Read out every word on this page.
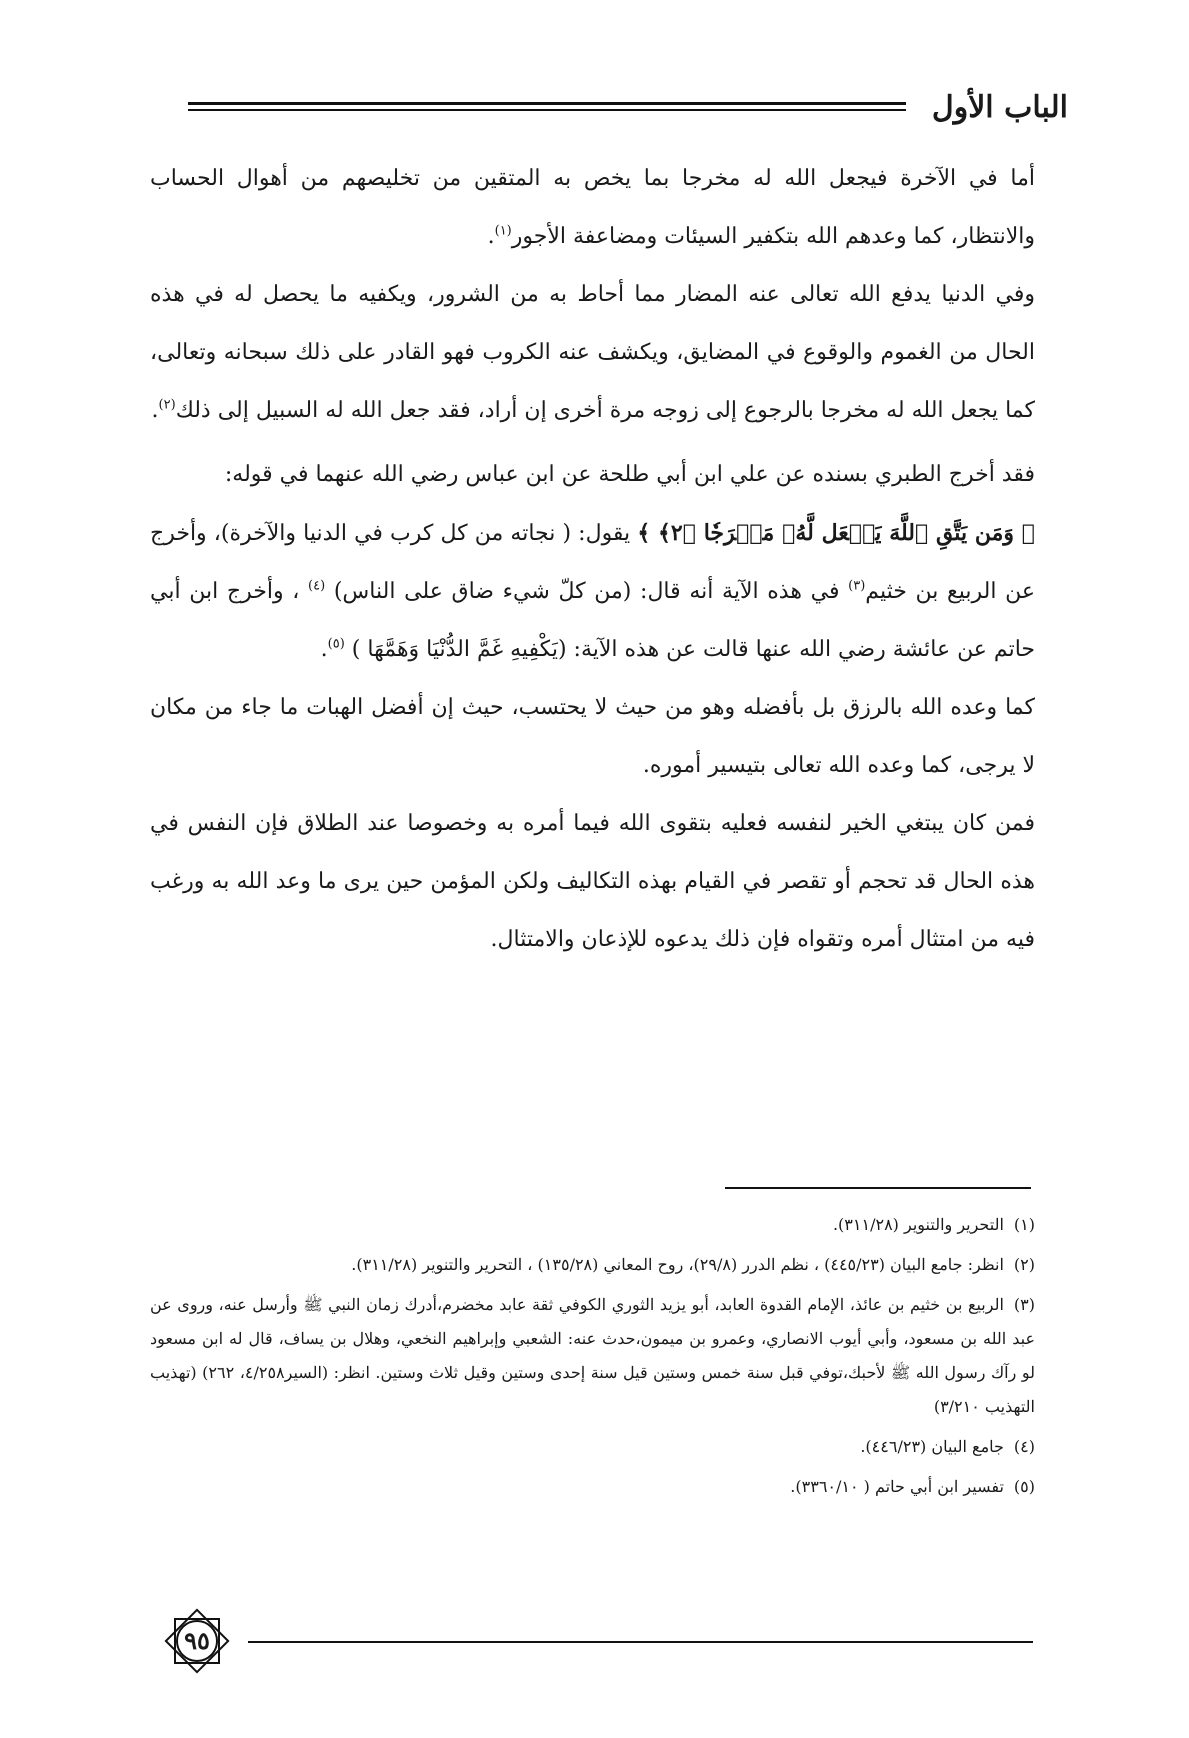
الباب الأول

أما في الآخرة فيجعل الله له مخرجا بما يخص به المتقين من تخليصهم من أهوال الحساب والانتظار، كما وعدهم الله بتكفير السيئات ومضاعفة الأجور$^{(١)}$.

وفي الدنيا يدفع الله تعالى عنه المضار مما أحاط به من الشرور، ويكفيه ما يحصل له في هذه الحال من الغموم والوقوع في المضايق، ويكشف عنه الكروب فهو القادر على ذلك سبحانه وتعالى، كما يجعل الله له مخرجا بالرجوع إلى زوجه مرة أخرى إن أراد، فقد جعل الله له السبيل إلى ذلك$^{(٢)}$.

فقد أخرج الطبري بسنده عن علي ابن أبي طلحة عن ابن عباس رضي الله عنهما في قوله:

﴿ وَمَن يَتَّقِ ٱللَّهَ يَجۡعَل لَّهُۥ مَخۡرَجٗا ﴿٢﴾ ﴾ يقول: ( نجاته من كل كرب في الدنيا والآخرة)، وأخرج عن الربيع بن خثيم$^{(٣)}$ في هذه الآية أنه قال: (من كلّ شيء ضاق على الناس) $^{(٤)}$ ، وأخرج ابن أبي حاتم عن عائشة رضي الله عنها قالت عن هذه الآية: (يَكْفِيهِ غَمَّ الدُّنْيَا وَهَمَّهَا ) $^{(٥)}$.

كما وعده الله بالرزق بل بأفضله وهو من حيث لا يحتسب، حيث إن أفضل الهبات ما جاء من مكان لا يرجى، كما وعده الله تعالى بتيسير أموره.

فمن كان يبتغي الخير لنفسه فعليه بتقوى الله فيما أمره به وخصوصا عند الطلاق فإن النفس في هذه الحال قد تحجم أو تقصر في القيام بهذه التكاليف ولكن المؤمن حين يرى ما وعد الله به ورغب فيه من امتثال أمره وتقواه فإن ذلك يدعوه للإذعان والامتثال.

(١)التحرير والتنوير (٣١١/٢٨).

(٢)انظر: جامع البيان (٤٤٥/٢٣) ، نظم الدرر (٢٩/٨)، روح المعاني (١٣٥/٢٨) ، التحرير والتنوير (٣١١/٢٨).

(٣)الربيع بن خثيم بن عائذ، الإمام القدوة العابد، أبو يزيد الثوري الكوفي ثقة عابد مخضرم،أدرك زمان النبي ﷺ وأرسل عنه، وروى عن عبد الله بن مسعود، وأبي أيوب الانصاري، وعمرو بن ميمون،حدث عنه: الشعبي وإبراهيم النخعي، وهلال بن يساف، قال له ابن مسعود لو رآك رسول الله ﷺ لأحبك،توفي قبل سنة خمس وستين قيل سنة إحدى وستين وقيل ثلاث وستين. انظر: (السير٤/٢٥٨، ٢٦٢) (تهذيب التهذيب ٣/٢١٠)

(٤)جامع البيان (٤٤٦/٢٣).

(٥)تفسير ابن أبي حاتم ( ٣٣٦٠/١٠).

٩٥
